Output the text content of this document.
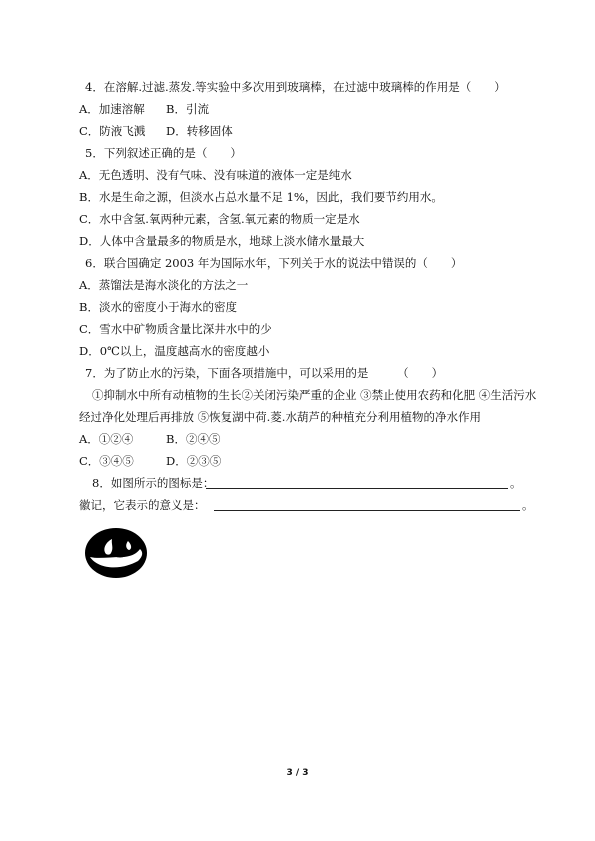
4．在溶解.过滤.蒸发.等实验中多次用到玻璃棒，在过滤中玻璃棒的作用是（　　）
A．加速溶解 B．引流
C．防液飞溅 D．转移固体
5．下列叙述正确的是（　　）
A．无色透明、没有气味、没有味道的液体一定是纯水
B．水是生命之源，但淡水占总水量不足 1%，因此，我们要节约用水。
C．水中含氢.氧两种元素，含氢.氧元素的物质一定是水
D．人体中含量最多的物质是水，地球上淡水储水量最大
6．联合国确定 2003 年为国际水年，下列关于水的说法中错误的（　　）
A．蒸馏法是海水淡化的方法之一
B．淡水的密度小于海水的密度
C．雪水中矿物质含量比深井水中的少
D．0℃以上，温度越高水的密度越小
7．为了防止水的污染，下面各项措施中，可以采用的是　　　（　　）
①抑制水中所有动植物的生长②关闭污染严重的企业 ③禁止使用农药和化肥 ④生活污水
经过净化处理后再排放 ⑤恢复湖中荷.菱.水葫芦的种植充分利用植物的净水作用
A．①②④	B．②④⑤
C．③④⑤	D．②③⑤
8．如图所示的图标是：	。
徽记，它表示的意义是：	。
3 / 3
